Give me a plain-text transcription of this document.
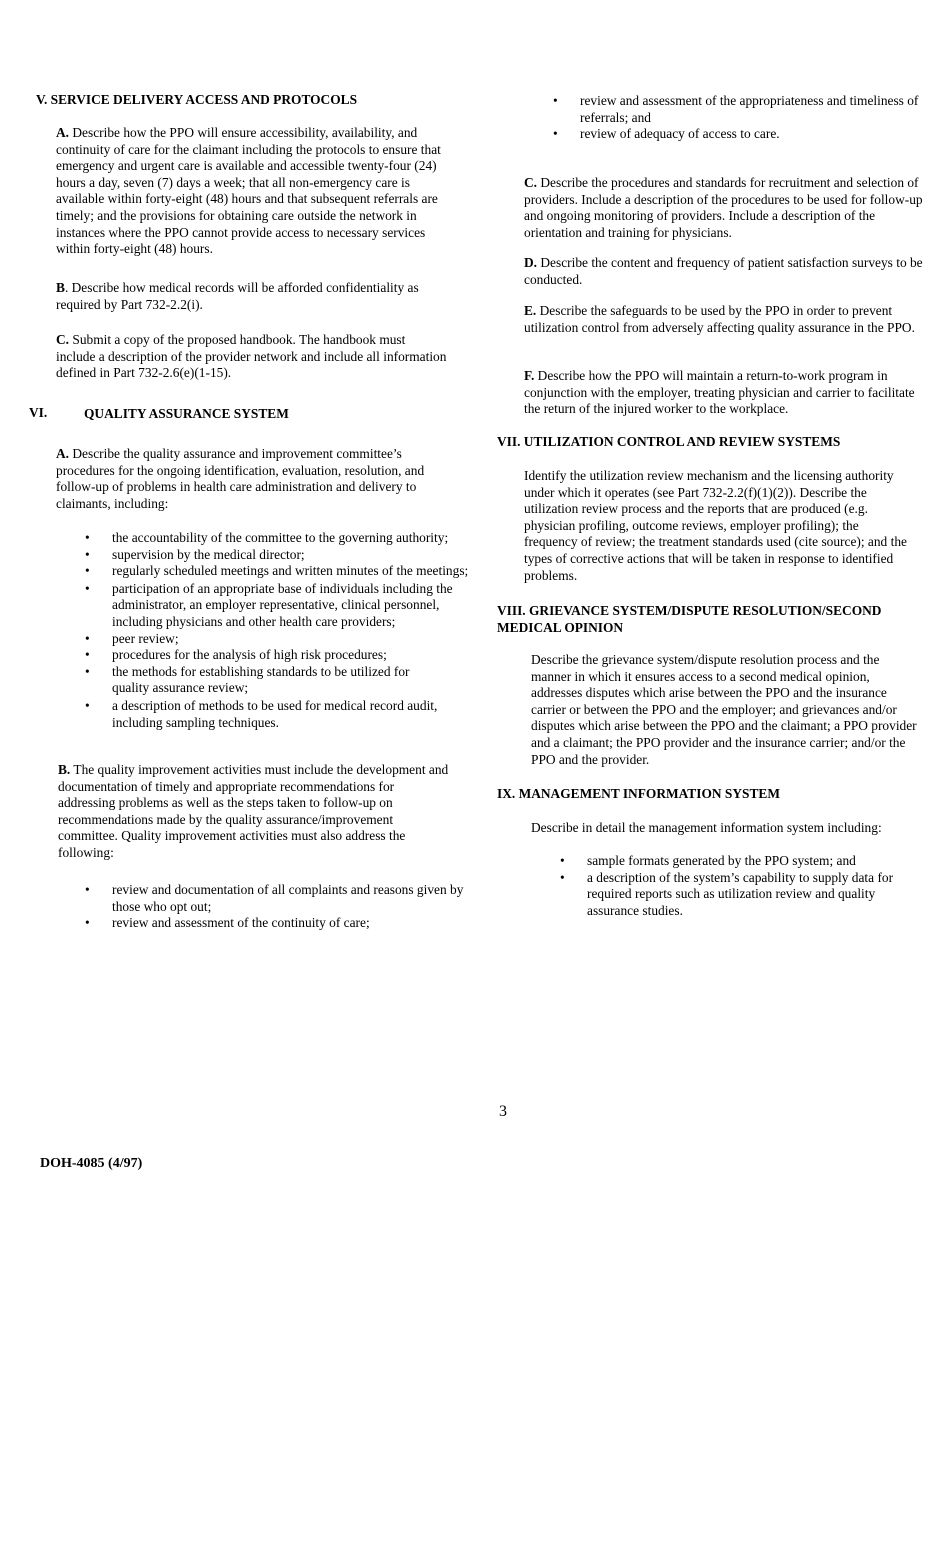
V. SERVICE DELIVERY ACCESS AND PROTOCOLS

A. Describe how the PPO will ensure accessibility, availability, and continuity of care for the claimant including the protocols to ensure that emergency and urgent care is available and accessible twenty-four (24) hours a day, seven (7) days a week; that all non-emergency care is available within forty-eight (48) hours and that subsequent referrals are timely; and the provisions for obtaining care outside the network in instances where the PPO cannot provide access to necessary services within forty-eight (48) hours.

B. Describe how medical records will be afforded confidentiality as required by Part 732-2.2(i).

C. Submit a copy of the proposed handbook. The handbook must include a description of the provider network and include all information defined in Part 732-2.6(e)(1-15).

VI.	QUALITY ASSURANCE SYSTEM

A. Describe the quality assurance and improvement committee’s procedures for the ongoing identification, evaluation, resolution, and follow-up of problems in health care administration and delivery to claimants, including:

• the accountability of the committee to the governing authority;
• supervision by the medical director;
• regularly scheduled meetings and written minutes of the meetings;
• participation of an appropriate base of individuals including the administrator, an employer representative, clinical personnel, including physicians and other health care providers;
• peer review;
• procedures for the analysis of high risk procedures;
• the methods for establishing standards to be utilized for quality assurance review;
• a description of methods to be used for medical record audit, including sampling techniques.

B. The quality improvement activities must include the development and documentation of timely and appropriate recommendations for addressing problems as well as the steps taken to follow-up on recommendations made by the quality assurance/improvement committee. Quality improvement activities must also address the following:

• review and documentation of all complaints and reasons given by those who opt out;
• review and assessment of the continuity of care;
• review and assessment of the appropriateness and timeliness of referrals; and
• review of adequacy of access to care.

C. Describe the procedures and standards for recruitment and selection of providers. Include a description of the procedures to be used for follow-up and ongoing monitoring of providers. Include a description of the orientation and training for physicians.

D. Describe the content and frequency of patient satisfaction surveys to be conducted.

E. Describe the safeguards to be used by the PPO in order to prevent utilization control from adversely affecting quality assurance in the PPO.

F. Describe how the PPO will maintain a return-to-work program in conjunction with the employer, treating physician and carrier to facilitate the return of the injured worker to the workplace.

VII. UTILIZATION CONTROL AND REVIEW SYSTEMS

Identify the utilization review mechanism and the licensing authority under which it operates (see Part 732-2.2(f)(1)(2)). Describe the utilization review process and the reports that are produced (e.g. physician profiling, outcome reviews, employer profiling); the frequency of review; the treatment standards used (cite source); and the types of corrective actions that will be taken in response to identified problems.

VIII. GRIEVANCE SYSTEM/DISPUTE RESOLUTION/SECOND MEDICAL OPINION

Describe the grievance system/dispute resolution process and the manner in which it ensures access to a second medical opinion, addresses disputes which arise between the PPO and the insurance carrier or between the PPO and the employer; and grievances and/or disputes which arise between the PPO and the claimant; a PPO provider and a claimant; the PPO provider and the insurance carrier; and/or the PPO and the provider.

IX. MANAGEMENT INFORMATION SYSTEM

Describe in detail the management information system including:

• sample formats generated by the PPO system; and
• a description of the system’s capability to supply data for required reports such as utilization review and quality assurance studies.
3
DOH-4085 (4/97)
